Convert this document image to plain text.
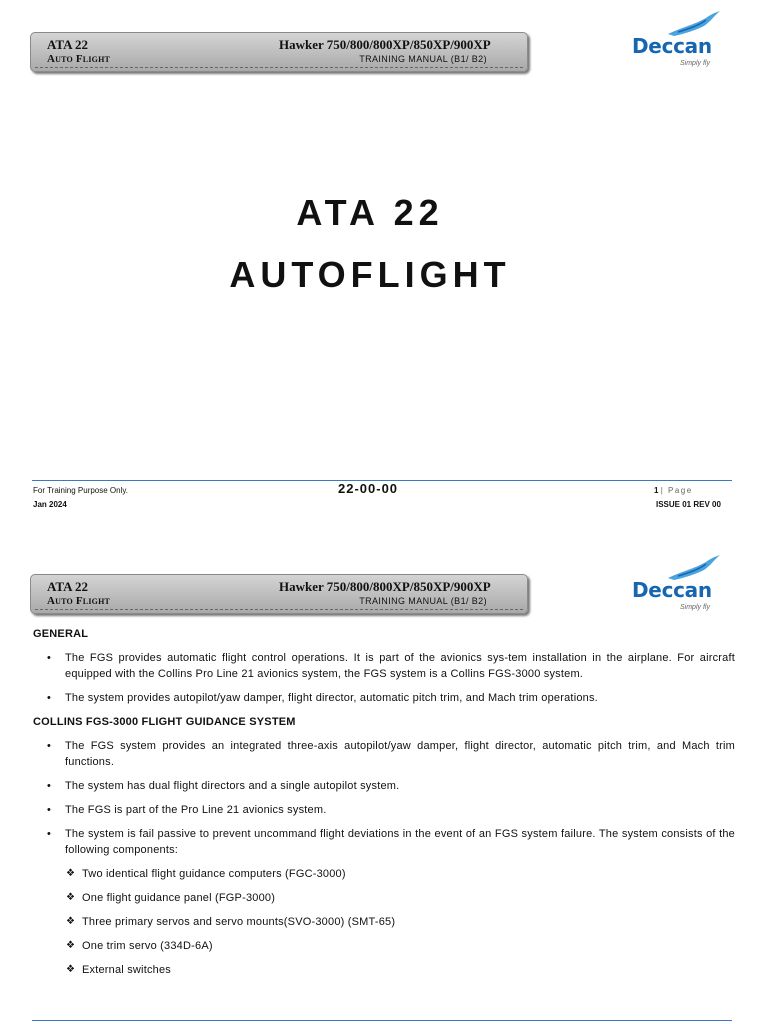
ATA 22
Auto Flight
Hawker 750/800/800XP/850XP/900XP
TRAINING MANUAL (B1/ B2)
Deccan
Simply fly
ATA 22
AUTOFLIGHT
For Training Purpose Only.
Jan 2024
22-00-00	1 | Page
ISSUE 01 REV 00
ATA 22
Auto Flight
Hawker 750/800/800XP/850XP/900XP
TRAINING MANUAL (B1/ B2)	Deccan
Simply fly
GENERAL
• The FGS provides automatic flight control operations. It is part of the avionics sys-tem installation in the airplane. For aircraft equipped with the Collins Pro Line 21 avionics system, the FGS system is a Collins FGS-3000 system.
• The system provides autopilot/yaw damper, flight director, automatic pitch trim, and Mach trim operations.
COLLINS FGS-3000 FLIGHT GUIDANCE SYSTEM
• The FGS system provides an integrated three-axis autopilot/yaw damper, flight director, automatic pitch trim, and Mach trim functions.
• The system has dual flight directors and a single autopilot system.
• The FGS is part of the Pro Line 21 avionics system.
• The system is fail passive to prevent uncommand flight deviations in the event of an FGS system failure. The system consists of the following components:
❖ Two identical flight guidance computers (FGC-3000)
❖ One flight guidance panel (FGP-3000)
❖ Three primary servos and servo mounts(SVO-3000) (SMT-65)
❖ One trim servo (334D-6A)
❖ External switches
